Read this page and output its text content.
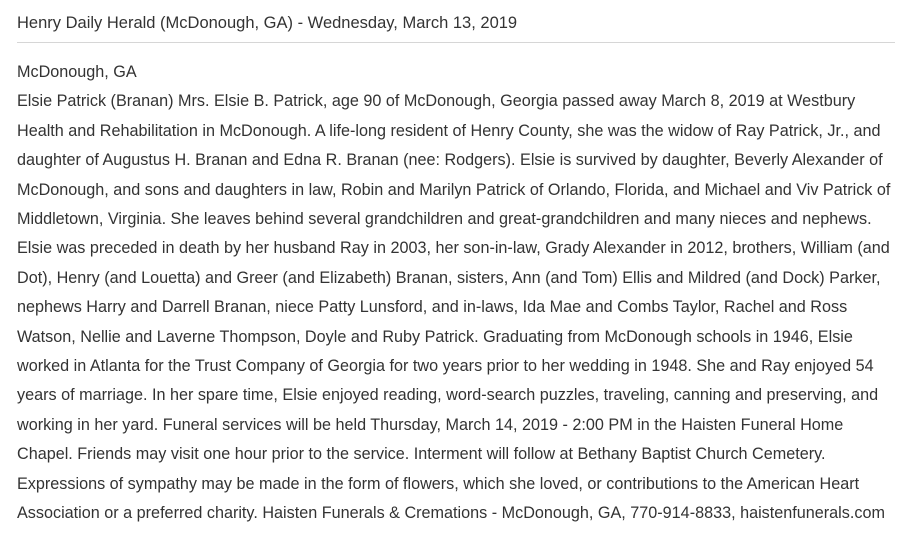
Henry Daily Herald (McDonough, GA) - Wednesday, March 13, 2019
McDonough, GA

Elsie Patrick (Branan) Mrs. Elsie B. Patrick, age 90 of McDonough, Georgia passed away March 8, 2019 at Westbury Health and Rehabilitation in McDonough. A life-long resident of Henry County, she was the widow of Ray Patrick, Jr., and daughter of Augustus H. Branan and Edna R. Branan (nee: Rodgers). Elsie is survived by daughter, Beverly Alexander of McDonough, and sons and daughters in law, Robin and Marilyn Patrick of Orlando, Florida, and Michael and Viv Patrick of Middletown, Virginia. She leaves behind several grandchildren and great-grandchildren and many nieces and nephews. Elsie was preceded in death by her husband Ray in 2003, her son-in-law, Grady Alexander in 2012, brothers, William (and Dot), Henry (and Louetta) and Greer (and Elizabeth) Branan, sisters, Ann (and Tom) Ellis and Mildred (and Dock) Parker, nephews Harry and Darrell Branan, niece Patty Lunsford, and in-laws, Ida Mae and Combs Taylor, Rachel and Ross Watson, Nellie and Laverne Thompson, Doyle and Ruby Patrick. Graduating from McDonough schools in 1946, Elsie worked in Atlanta for the Trust Company of Georgia for two years prior to her wedding in 1948. She and Ray enjoyed 54 years of marriage. In her spare time, Elsie enjoyed reading, word-search puzzles, traveling, canning and preserving, and working in her yard. Funeral services will be held Thursday, March 14, 2019 - 2:00 PM in the Haisten Funeral Home Chapel. Friends may visit one hour prior to the service. Interment will follow at Bethany Baptist Church Cemetery. Expressions of sympathy may be made in the form of flowers, which she loved, or contributions to the American Heart Association or a preferred charity. Haisten Funerals & Cremations - McDonough, GA, 770-914-8833, haistenfunerals.com
